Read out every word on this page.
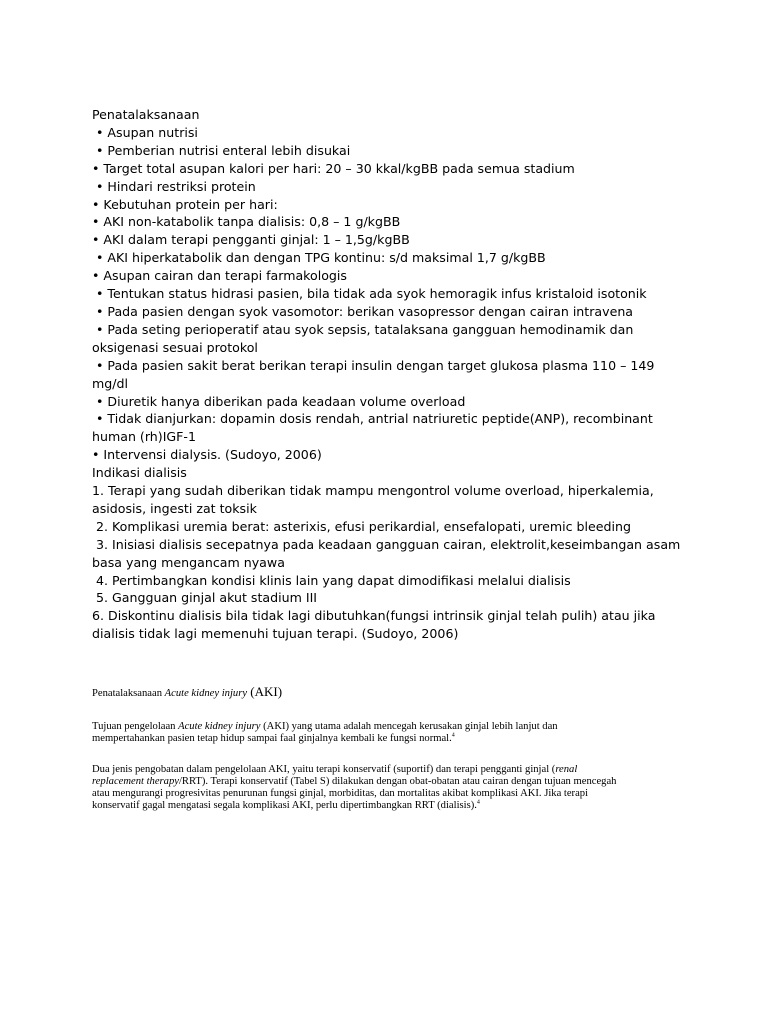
Penatalaksanaan

• Asupan nutrisi

• Pemberian nutrisi enteral lebih disukai

• Target total asupan kalori per hari: 20 – 30 kkal/kgBB pada semua stadium

• Hindari restriksi protein

• Kebutuhan protein per hari:

• AKI non-katabolik tanpa dialisis: 0,8 – 1 g/kgBB

• AKI dalam terapi pengganti ginjal: 1 – 1,5g/kgBB

• AKI hiperkatabolik dan dengan TPG kontinu: s/d maksimal 1,7 g/kgBB

• Asupan cairan dan terapi farmakologis

• Tentukan status hidrasi pasien, bila tidak ada syok hemoragik infus kristaloid isotonik

• Pada pasien dengan syok vasomotor: berikan vasopressor dengan cairan intravena

• Pada seting perioperatif atau syok sepsis, tatalaksana gangguan hemodinamik dan

oksigenasi sesuai protokol

• Pada pasien sakit berat berikan terapi insulin dengan target glukosa plasma 110 – 149

mg/dl

• Diuretik hanya diberikan pada keadaan volume overload

• Tidak dianjurkan: dopamin dosis rendah, antrial natriuretic peptide(ANP), recombinant

human (rh)IGF-1

• Intervensi dialysis. (Sudoyo, 2006)

Indikasi dialisis

1. Terapi yang sudah diberikan tidak mampu mengontrol volume overload, hiperkalemia,

asidosis, ingesti zat toksik

2. Komplikasi uremia berat: asterixis, efusi perikardial, ensefalopati, uremic bleeding

3. Inisiasi dialisis secepatnya pada keadaan gangguan cairan, elektrolit,keseimbangan asam

basa yang mengancam nyawa

4. Pertimbangkan kondisi klinis lain yang dapat dimodifikasi melalui dialisis

5. Gangguan ginjal akut stadium III

6. Diskontinu dialisis bila tidak lagi dibutuhkan(fungsi intrinsik ginjal telah pulih) atau jika

dialisis tidak lagi memenuhi tujuan terapi. (Sudoyo, 2006)

Penatalaksanaan Acute kidney injury (AKI)

Tujuan pengelolaan Acute kidney injury (AKI) yang utama adalah mencegah kerusakan ginjal lebih lanjut dan

mempertahankan pasien tetap hidup sampai faal ginjalnya kembali ke fungsi normal.$^4$

Dua jenis pengobatan dalam pengelolaan AKI, yaitu terapi konservatif (suportif) dan terapi pengganti ginjal (renal

replacement therapy/RRT). Terapi konservatif (Tabel S) dilakukan dengan obat-obatan atau cairan dengan tujuan mencegah

atau mengurangi progresivitas penurunan fungsi ginjal, morbiditas, dan mortalitas akibat komplikasi AKI. Jika terapi

konservatif gagal mengatasi segala komplikasi AKI, perlu dipertimbangkan RRT (dialisis).$^4$
